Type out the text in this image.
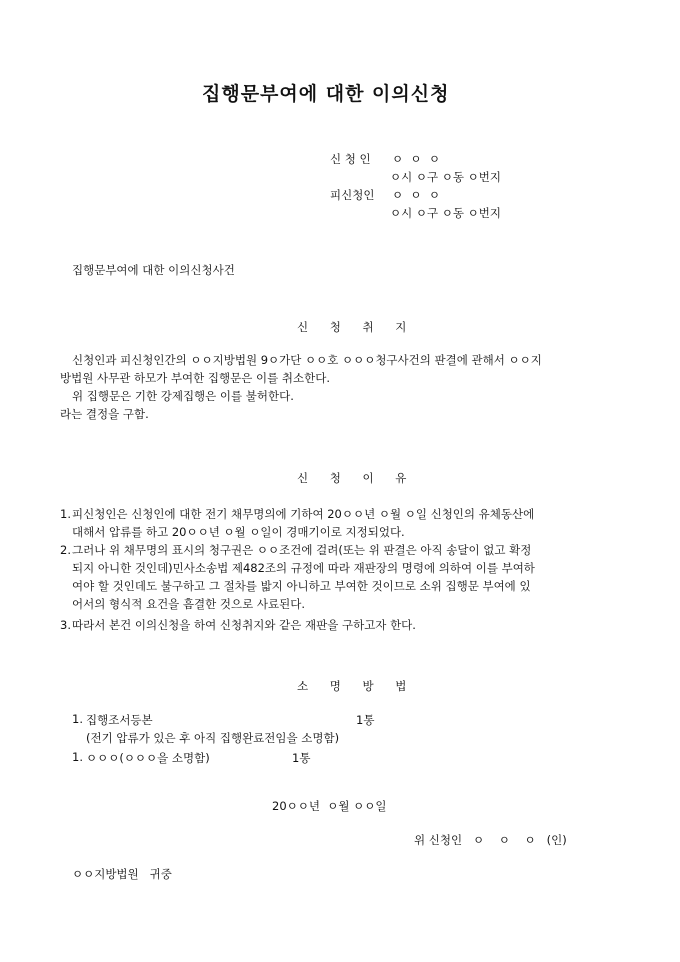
집행문부여에 대한 이의신청
신 청 인 ㅇ  ㅇ  ㅇ
ㅇ시 ㅇ구 ㅇ동 ㅇ번지
피신청인 ㅇ  ㅇ  ㅇ
ㅇ시 ㅇ구 ㅇ동 ㅇ번지
집행문부여에 대한 이의신청사건
신 청 취 지
신청인과 피신청인간의 ㅇㅇ지방법원 9ㅇ가단 ㅇㅇ호 ㅇㅇㅇ청구사건의 판결에 관해서 ㅇㅇ지
방법원 사무관 하모가 부여한 집행문은 이를 취소한다.
위 집행문은 기한 강제집행은 이를 불허한다.
라는 결정을 구함.
신 청 이 유
1. 피신청인은 신청인에 대한 전기 채무명의에 기하여 20ㅇㅇ년 ㅇ월 ㅇ일 신청인의 유체동산에
대해서 압류를 하고 20ㅇㅇ년 ㅇ월 ㅇ일이 경매기이로 지정되었다.
2. 그러나 위 채무명의 표시의 청구권은 ㅇㅇ조건에 걸려(또는 위 판결은 아직 송달이 없고 확정
되지 아니한 것인데)민사소송법 제482조의 규정에 따라 재판장의 명령에 의하여 이를 부여하
여야 할 것인데도 불구하고 그 절차를 밟지 아니하고 부여한 것이므로 소위 집행문 부여에 있
어서의 형식적 요건을 흠결한 것으로 사료된다.
3. 따라서 본건 이의신청을 하여 신청취지와 같은 재판을 구하고자 한다.
소 명 방 법
1. 집행조서등본	1통
(전기 압류가 있은 후 아직 집행완료전임을 소명함)
1. ㅇㅇㅇ(ㅇㅇㅇ을 소명함)	1통
20ㅇㅇ년  ㅇ월 ㅇㅇ일
위 신청인   ㅇ    ㅇ    ㅇ   (인)
ㅇㅇ지방법원   귀중
